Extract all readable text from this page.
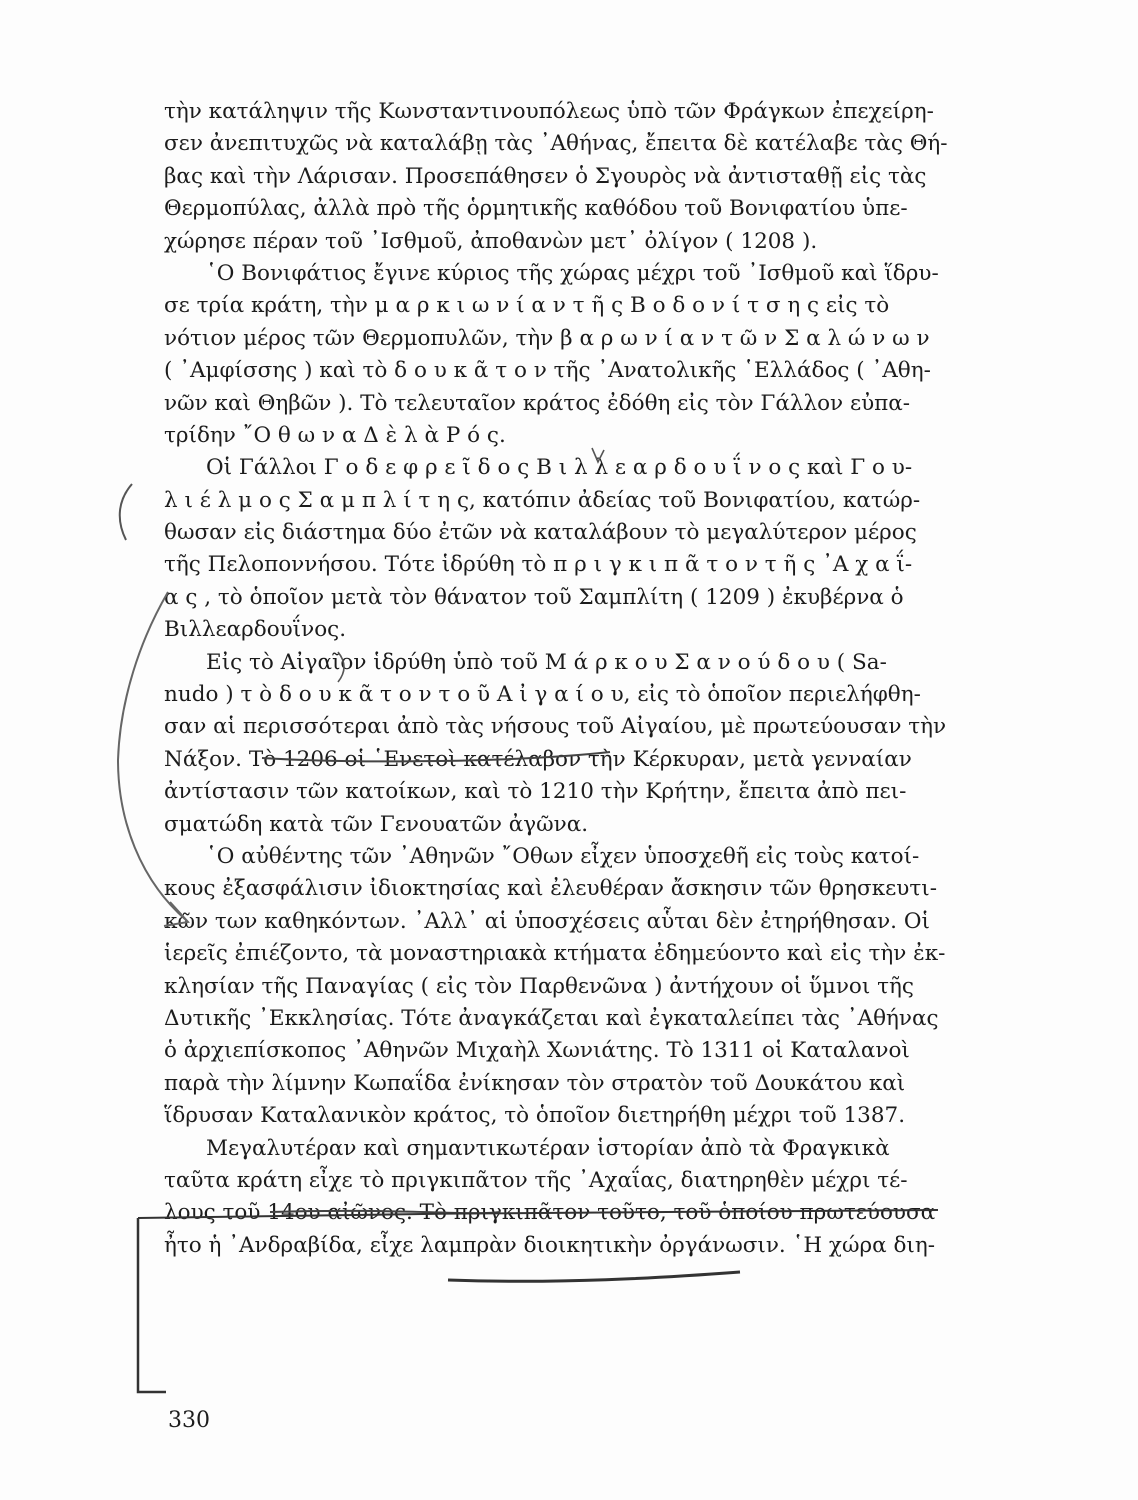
τὴν κατάληψιν τῆς Κωνσταντινουπόλεως ὑπὸ τῶν Φράγκων ἐπεχείρη-
σεν ἀνεπιτυχῶς νὰ καταλάβῃ τὰς ᾿Αθήνας, ἔπειτα δὲ κατέλαβε τὰς Θή-
βας καὶ τὴν Λάρισαν. Προσεπάθησεν ὁ Σγουρὸς νὰ ἀντισταθῇ εἰς τὰς
Θερμοπύλας, ἀλλὰ πρὸ τῆς ὁρμητικῆς καθόδου τοῦ Βονιφατίου ὑπε-
χώρησε πέραν τοῦ ᾿Ισθμοῦ, ἀποθανὼν μετ᾿ ὀλίγον ( 1208 ).
῾Ο Βονιφάτιος ἔγινε κύριος τῆς χώρας μέχρι τοῦ ᾿Ισθμοῦ καὶ ἵδρυ-
σε τρία κράτη, τὴν μ α ρ κ ι ω ν ί α ν τ ῆ ς Β ο δ ο ν ί τ σ η ς εἰς τὸ
νότιον μέρος τῶν Θερμοπυλῶν, τὴν β α ρ ω ν ί α ν τ ῶ ν Σ α λ ώ ν ω ν
( ᾿Αμφίσσης ) καὶ τὸ δ ο υ κ ᾶ τ ο ν τῆς ᾿Ανατολικῆς ῾Ελλάδος ( ᾿Αθη-
νῶν καὶ Θηβῶν ). Τὸ τελευταῖον κράτος ἐδόθη εἰς τὸν Γάλλον εὐπα-
τρίδην ῎Ο θ ω ν α Δ ὲ λ ὰ Ρ ό ς.
Οἱ Γάλλοι Γ ο δ ε φ ρ ε ῖ δ ο ς Β ι λ λ ε α ρ δ ο υ ΐ ν ο ς καὶ Γ ο υ-
λ ι έ λ μ ο ς Σ α μ π λ ί τ η ς, κατόπιν ἀδείας τοῦ Βονιφατίου, κατώρ-
θωσαν εἰς διάστημα δύο ἐτῶν νὰ καταλάβουν τὸ μεγαλύτερον μέρος
τῆς Πελοποννήσου. Τότε ἱδρύθη τὸ π ρ ι γ κ ι π ᾶ τ ο ν τ ῆ ς ᾿Α χ α ΐ-
α ς , τὸ ὁποῖον μετὰ τὸν θάνατον τοῦ Σαμπλίτη ( 1209 ) ἐκυβέρνα ὁ
Βιλλεαρδουΐνος.
Εἰς τὸ Αἰγαῖον ἱδρύθη ὑπὸ τοῦ Μ ά ρ κ ο υ Σ α ν ο ύ δ ο υ ( Sa-
nudo ) τ ὸ δ ο υ κ ᾶ τ ο ν τ ο ῦ Α ἰ γ α ί ο υ, εἰς τὸ ὁποῖον περιελήφθη-
σαν αἱ περισσότεραι ἀπὸ τὰς νήσους τοῦ Αἰγαίου, μὲ πρωτεύουσαν τὴν
Νάξον. Τὸ 1206 οἱ ῾Ενετοὶ κατέλαβον τὴν Κέρκυραν, μετὰ γενναίαν
ἀντίστασιν τῶν κατοίκων, καὶ τὸ 1210 τὴν Κρήτην, ἔπειτα ἀπὸ πει-
σματώδη κατὰ τῶν Γενουατῶν ἀγῶνα.
῾Ο αὐθέντης τῶν ᾿Αθηνῶν ῎Οθων εἶχεν ὑποσχεθῆ εἰς τοὺς κατοί-
κους ἐξασφάλισιν ἰδιοκτησίας καὶ ἐλευθέραν ἄσκησιν τῶν θρησκευτι-
κῶν των καθηκόντων. ᾿Αλλ᾿ αἱ ὑποσχέσεις αὗται δὲν ἐτηρήθησαν. Οἱ
ἱερεῖς ἐπιέζοντο, τὰ μοναστηριακὰ κτήματα ἐδημεύοντο καὶ εἰς τὴν ἐκ-
κλησίαν τῆς Παναγίας ( εἰς τὸν Παρθενῶνα ) ἀντήχουν οἱ ὕμνοι τῆς
Δυτικῆς ᾿Εκκλησίας. Τότε ἀναγκάζεται καὶ ἐγκαταλείπει τὰς ᾿Αθήνας
ὁ ἀρχιεπίσκοπος ᾿Αθηνῶν Μιχαὴλ Χωνιάτης. Τὸ 1311 οἱ Καταλανοὶ
παρὰ τὴν λίμνην Κωπαΐδα ἐνίκησαν τὸν στρατὸν τοῦ Δουκάτου καὶ
ἵδρυσαν Καταλανικὸν κράτος, τὸ ὁποῖον διετηρήθη μέχρι τοῦ 1387.
Μεγαλυτέραν καὶ σημαντικωτέραν ἱστορίαν ἀπὸ τὰ Φραγκικὰ
ταῦτα κράτη εἶχε τὸ πριγκιπᾶτον τῆς ᾿Αχαΐας, διατηρηθὲν μέχρι τέ-
λους τοῦ 14ου αἰῶνος. Τὸ πριγκιπᾶτον τοῦτο, τοῦ ὁποίου πρωτεύουσα
ἦτο ἡ ᾿Ανδραβίδα, εἶχε λαμπρὰν διοικητικὴν ὀργάνωσιν. ῾Η χώρα διη-
330
